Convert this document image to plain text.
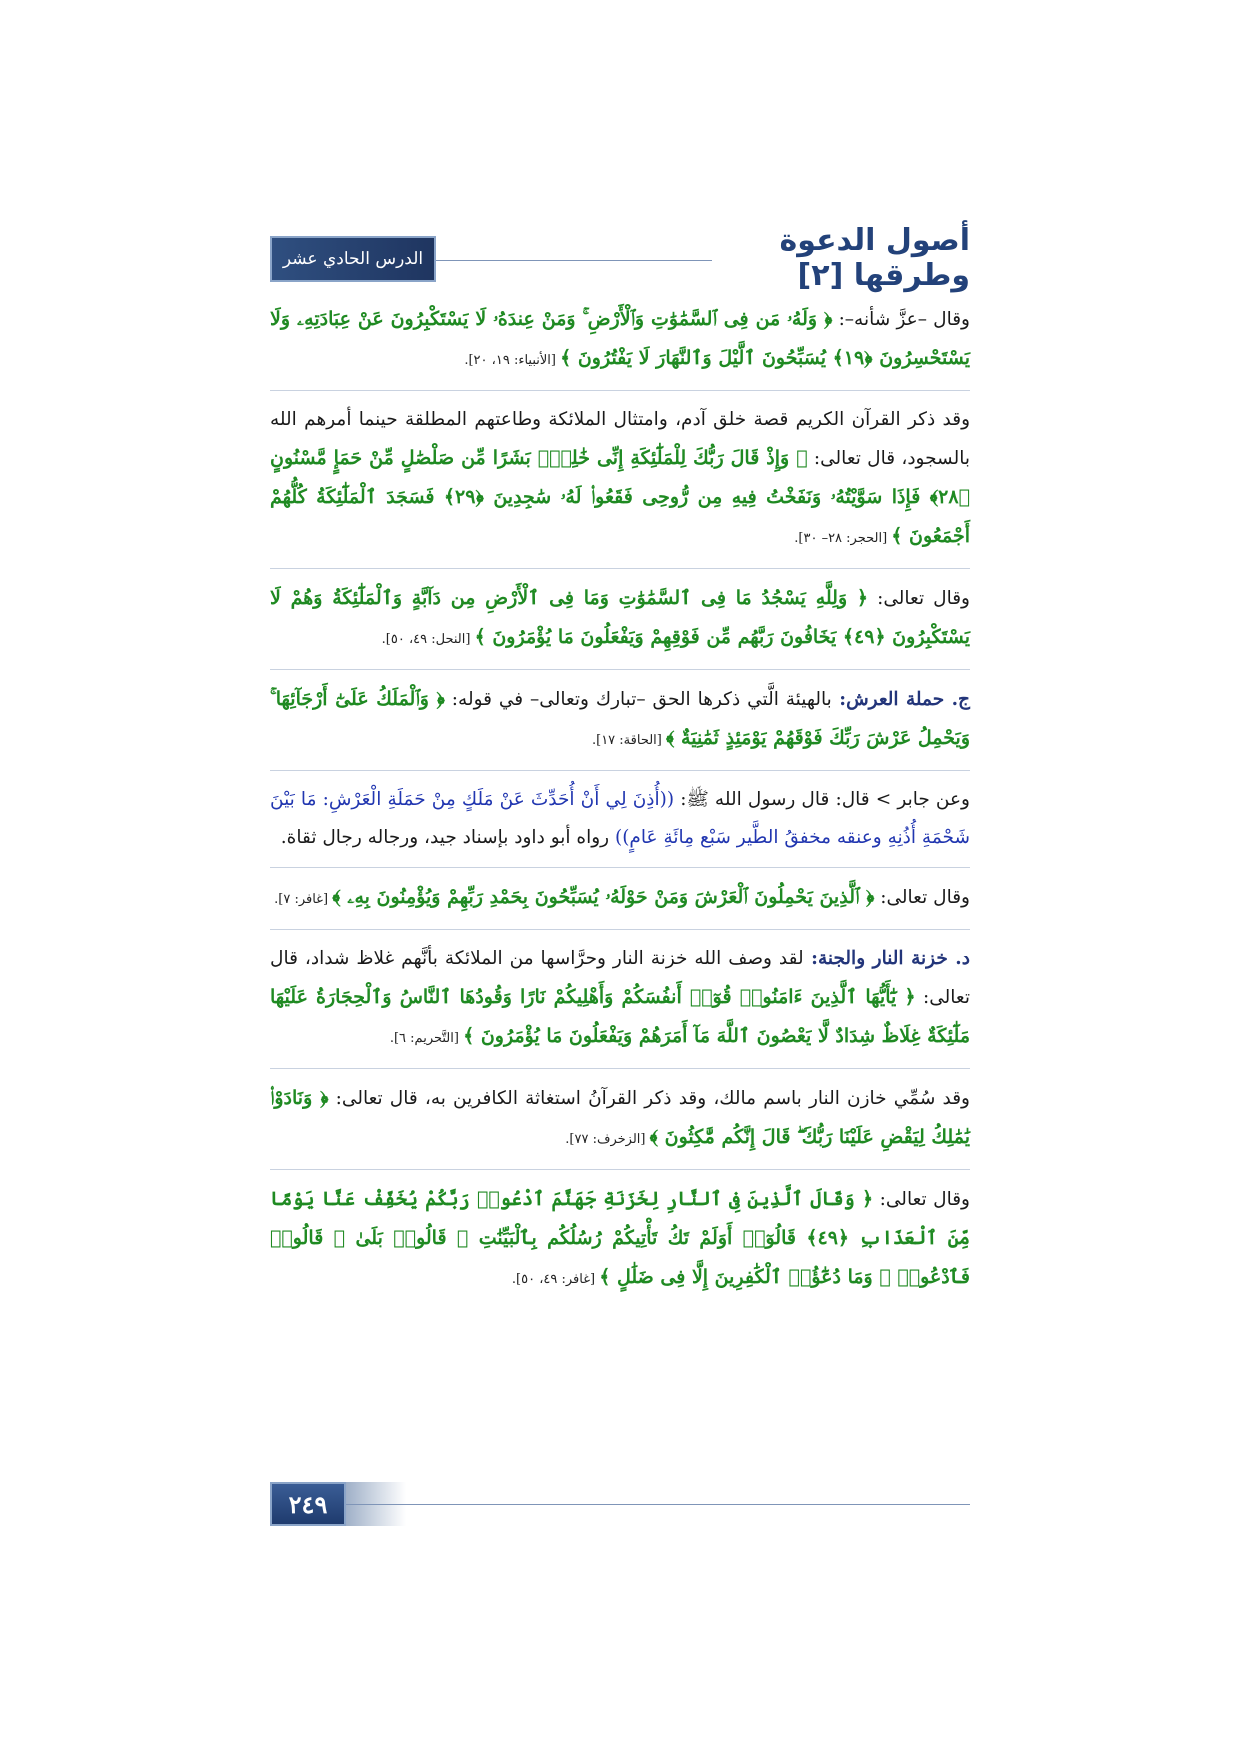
الدرس الحادي عشر
أصول الدعوة وطرقها [٢]

وقال –عزَّ شأنه–: ﴿ وَلَهُۥ مَن فِى ٱلسَّمَٰوَٰتِ وَٱلْأَرْضِ ۚ وَمَنْ عِندَهُۥ لَا يَسْتَكْبِرُونَ عَنْ عِبَادَتِهِۦ وَلَا يَسْتَحْسِرُونَ ﴿١٩﴾ يُسَبِّحُونَ ٱلَّيْلَ وَٱلنَّهَارَ لَا يَفْتُرُونَ ﴾ [الأنبياء: ١٩، ٢٠].

وقد ذكر القرآن الكريم قصة خلق آدم، وامتثال الملائكة وطاعتهم المطلقة حينما أمرهم الله بالسجود، قال تعالى: ﴿ وَإِذْ قَالَ رَبُّكَ لِلْمَلَٰٓئِكَةِ إِنِّى خَٰلِقٌۢ بَشَرًا مِّن صَلْصَٰلٍ مِّنْ حَمَإٍ مَّسْنُونٍ ﴿٢٨﴾ فَإِذَا سَوَّيْتُهُۥ وَنَفَخْتُ فِيهِ مِن رُّوحِى فَقَعُوا۟ لَهُۥ سَٰجِدِينَ ﴿٢٩﴾ فَسَجَدَ ٱلْمَلَٰٓئِكَةُ كُلُّهُمْ أَجْمَعُونَ ﴾ [الحجر: ٢٨– ٣٠].

وقال تعالى: ﴿ وَلِلَّهِ يَسْجُدُ مَا فِى ٱلسَّمَٰوَٰتِ وَمَا فِى ٱلْأَرْضِ مِن دَآبَّةٍ وَٱلْمَلَٰٓئِكَةُ وَهُمْ لَا يَسْتَكْبِرُونَ ﴿٤٩﴾ يَخَافُونَ رَبَّهُم مِّن فَوْقِهِمْ وَيَفْعَلُونَ مَا يُؤْمَرُونَ ﴾ [النحل: ٤٩، ٥٠].

ج. حملة العرش: بالهيئة الَّتي ذكرها الحق –تبارك وتعالى– في قوله: ﴿ وَٱلْمَلَكُ عَلَىٰٓ أَرْجَآئِهَا ۚ وَيَحْمِلُ عَرْشَ رَبِّكَ فَوْقَهُمْ يَوْمَئِذٍ ثَمَٰنِيَةٌ ﴾ [الحاقة: ١٧].

وعن جابر > قال: قال رسول الله ﷺ: ((أُذِنَ لِي أَنْ أُحَدِّثَ عَنْ مَلَكٍ مِنْ حَمَلَةِ الْعَرْشِ: مَا بَيْنَ شَحْمَةِ أُذُنِهِ وعنقه مخفقُ الطَّير سَبْع مِائَةِ عَامٍ)) رواه أبو داود بإسناد جيد، ورجاله رجال ثقاة.

وقال تعالى: ﴿ ٱلَّذِينَ يَحْمِلُونَ ٱلْعَرْشَ وَمَنْ حَوْلَهُۥ يُسَبِّحُونَ بِحَمْدِ رَبِّهِمْ وَيُؤْمِنُونَ بِهِۦ ﴾ [غافر: ٧].

د. خزنة النار والجنة: لقد وصف الله خزنة النار وحرَّاسها من الملائكة بأنَّهم غلاظ شداد، قال تعالى: ﴿ يَٰٓأَيُّهَا ٱلَّذِينَ ءَامَنُوا۟ قُوٓا۟ أَنفُسَكُمْ وَأَهْلِيكُمْ نَارًا وَقُودُهَا ٱلنَّاسُ وَٱلْحِجَارَةُ عَلَيْهَا مَلَٰٓئِكَةٌ غِلَاظٌ شِدَادٌ لَّا يَعْصُونَ ٱللَّهَ مَآ أَمَرَهُمْ وَيَفْعَلُونَ مَا يُؤْمَرُونَ ﴾ [التَّحريم: ٦].

وقد سُمِّي خازن النار باسم مالك، وقد ذكر القرآنُ استغاثة الكافرين به، قال تعالى: ﴿ وَنَادَوْا۟ يَٰمَٰلِكُ لِيَقْضِ عَلَيْنَا رَبُّكَ ۖ قَالَ إِنَّكُم مَّٰكِثُونَ ﴾ [الزخرف: ٧٧].

وقال تعالى: ﴿ وَقَالَ ٱلَّذِينَ فِى ٱلنَّارِ لِخَزَنَةِ جَهَنَّمَ ٱدْعُوا۟ رَبَّكُمْ يُخَفِّفْ عَنَّا يَوْمًا مِّنَ ٱلْعَذَابِ ﴿٤٩﴾ قَالُوٓا۟ أَوَلَمْ تَكُ تَأْتِيكُمْ رُسُلُكُم بِٱلْبَيِّنَٰتِ ۖ قَالُوا۟ بَلَىٰ ۚ قَالُوا۟ فَٱدْعُوا۟ ۗ وَمَا دُعَٰٓؤُا۟ ٱلْكَٰفِرِينَ إِلَّا فِى ضَلَٰلٍ ﴾ [غافر: ٤٩، ٥٠].

٢٤٩
